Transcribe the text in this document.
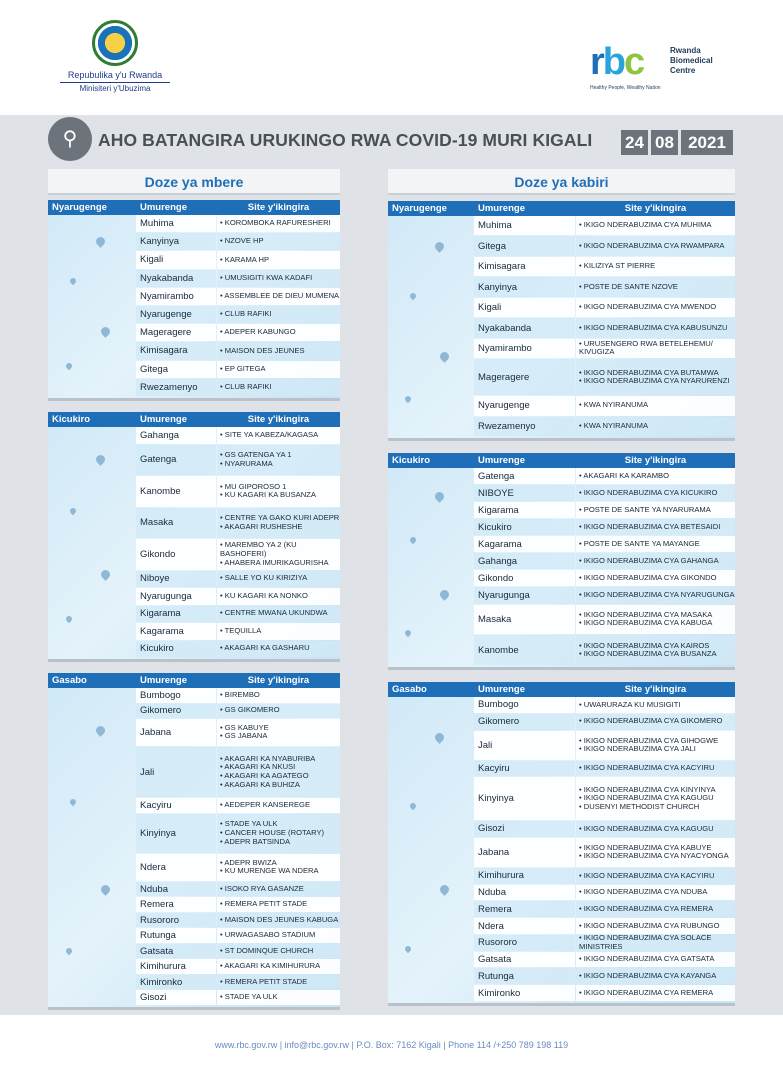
Repubulika y'u Rwanda
Minisiteri y'Ubuzima
rbc	Rwanda
Biomedical
Centre
Healthy People, Wealthy Nation
⚲	AHO BATANGIRA URUKINGO RWA COVID-19 MURI KIGALI 24 08 2021
Doze ya mbere	Doze ya kabiri
Nyarugenge	Umurenge	Site y'ikingira
Muhima	• KOROMBOKA RAFURESHERI
Kanyinya	• NZOVE HP
Kigali	• KARAMA HP
Nyakabanda	• UMUSIGITI KWA KADAFI
Nyamirambo	• ASSEMBLEE DE DIEU MUMENA
Nyarugenge	• CLUB RAFIKI
Mageragere	• ADEPER KABUNGO
Kimisagara	• MAISON DES JEUNES
Gitega	• EP GITEGA
Rwezamenyo	• CLUB RAFIKI
Kicukiro	Umurenge	Site y'ikingira
Gahanga	• SITE YA KABEZA/KAGASA
Gatenga	• GS GATENGA YA 1
• NYARURAMA
Kanombe	• MU GIPOROSO 1
• KU KAGARI KA BUSANZA
Masaka	• CENTRE YA GAKO KURI ADEPR
• AKAGARI RUSHESHE
Gikondo
• MAREMBO YA 2 (KU BASHOFERI)
• AHABERA IMURIKAGURISHA
Niboye	• SALLE YO KU KIRIZIYA
Nyarugunga	• KU KAGARI KA NONKO
Kigarama	• CENTRE MWANA UKUNDWA
Kagarama	• TEQUILLA
Kicukiro	• AKAGARI KA GASHARU
Gasabo	Umurenge	Site y'ikingira
Bumbogo	• BIREMBO
Gikomero	• GS GIKOMERO
Jabana	• GS KABUYE
• GS JABANA
Jali
• AKAGARI KA NYABURIBA
• AKAGARI KA NKUSI
• AKAGARI KA AGATEGO
• AKAGARI KA BUHIZA
Kacyiru	• AEDEPER KANSEREGE
Kinyinya
• STADE YA ULK
• CANCER HOUSE (ROTARY)
• ADEPR BATSINDA
Ndera	• ADEPR BWIZA
• KU MURENGE WA NDERA
Nduba	• ISOKO RYA GASANZE
Remera	• REMERA PETIT STADE
Rusororo	• MAISON DES JEUNES KABUGA
Rutunga	• URWAGASABO STADIUM
Gatsata	• ST DOMINQUE CHURCH
Kimihurura	• AKAGARI KA KIMIHURURA
Kimironko	• REMERA PETIT STADE
Gisozi	• STADE YA ULK
Nyarugenge	Umurenge	Site y'ikingira
Muhima	• IKIGO NDERABUZIMA CYA MUHIMA
Gitega	• IKIGO NDERABUZIMA CYA RWAMPARA
Kimisagara	• KILIZIYA ST PIERRE
Kanyinya	• POSTE DE SANTE NZOVE
Kigali	• IKIGO NDERABUZIMA CYA MWENDO
Nyakabanda	• IKIGO NDERABUZIMA CYA KABUSUNZU
Nyamirambo	• URUSENGERO RWA BETELEHEMU/ KIVUGIZA
Mageragere	• IKIGO NDERABUZIMA CYA BUTAMWA
• IKIGO NDERABUZIMA CYA NYARURENZI
Nyarugenge	• KWA NYIRANUMA
Rwezamenyo	• KWA NYIRANUMA
Kicukiro	Umurenge	Site y'ikingira
Gatenga	• AKAGARI KA KARAMBO
NIBOYE	• IKIGO NDERABUZIMA CYA KICUKIRO
Kigarama	• POSTE DE SANTE YA NYARURAMA
Kicukiro	• IKIGO NDERABUZIMA CYA BETESAIDI
Kagarama	• POSTE DE SANTE YA MAYANGE
Gahanga	• IKIGO NDERABUZIMA CYA GAHANGA
Gikondo	• IKIGO NDERABUZIMA CYA GIKONDO
Nyarugunga	• IKIGO NDERABUZIMA CYA NYARUGUNGA
Masaka	• IKIGO NDERABUZIMA CYA MASAKA
• IKIGO NDERABUZIMA CYA KABUGA
Kanombe	• IKIGO NDERABUZIMA CYA KAIROS
• IKIGO NDERABUZIMA CYA BUSANZA
Gasabo	Umurenge	Site y'ikingira
Bumbogo	• UWARURAZA KU MUSIGITI
Gikomero	• IKIGO NDERABUZIMA CYA GIKOMERO
Jali	• IKIGO NDERABUZIMA CYA GIHOGWE
• IKIGO NDERABUZIMA CYA JALI
Kacyiru	• IKIGO NDERABUZIMA CYA KACYIRU
Kinyinya
• IKIGO NDERABUZIMA CYA KINYINYA
• IKIGO NDERABUZIMA CYA KAGUGU
• DUSENYI METHODIST CHURCH
Gisozi	• IKIGO NDERABUZIMA CYA KAGUGU
Jabana	• IKIGO NDERABUZIMA CYA KABUYE
• IKIGO NDERABUZIMA CYA NYACYONGA
Kimihurura	• IKIGO NDERABUZIMA CYA KACYIRU
Nduba	• IKIGO NDERABUZIMA CYA NDUBA
Remera	• IKIGO NDERABUZIMA CYA REMERA
Ndera	• IKIGO NDERABUZIMA CYA RUBUNGO
Rusororo	• IKIGO NDERABUZIMA CYA SOLACE MINISTRIES
Gatsata	• IKIGO NDERABUZIMA CYA GATSATA
Rutunga	• IKIGO NDERABUZIMA CYA KAYANGA
Kimironko	• IKIGO NDERABUZIMA CYA REMERA
www.rbc.gov.rw | info@rbc.gov.rw | P.O. Box: 7162 Kigali | Phone 114 /+250 789 198 119
